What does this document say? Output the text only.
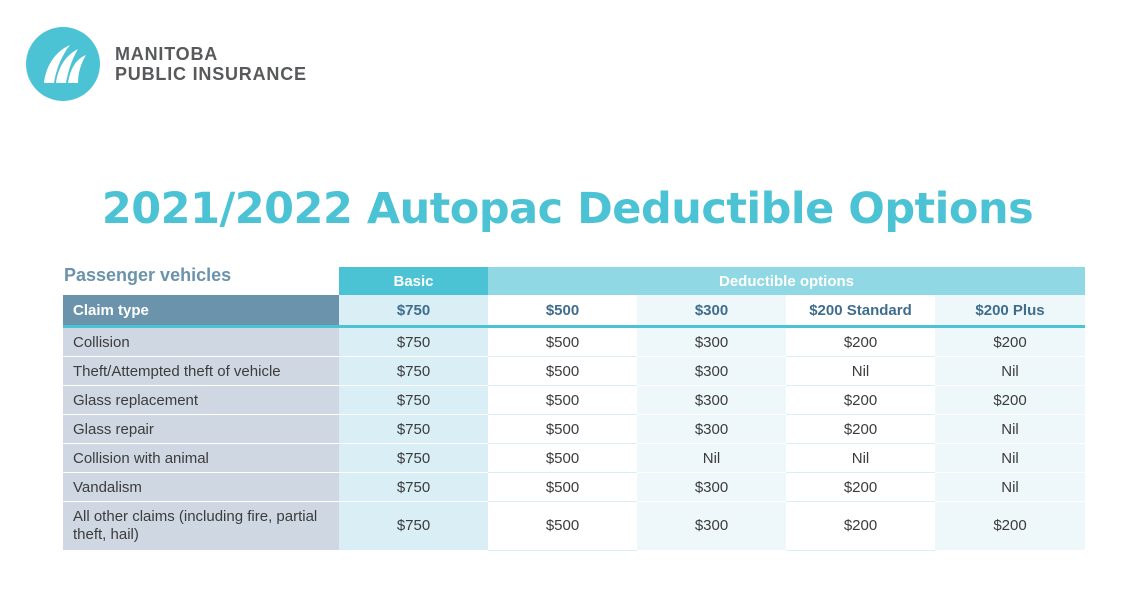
MANITOBA
PUBLIC INSURANCE
2021/2022 Autopac Deductible Options
Passenger vehicles
		Basic	Deductible options			
Claim type	$750	$500	$300	$200 Standard	$200 Plus
Collision	$750	$500	$300	$200	$200
Theft/Attempted theft of vehicle	$750	$500	$300	Nil	Nil
Glass replacement	$750	$500	$300	$200	$200
Glass repair	$750	$500	$300	$200	Nil
Collision with animal	$750	$500	Nil	Nil	Nil
Vandalism	$750	$500	$300	$200	Nil
All other claims (including fire, partial theft, hail)	$750	$500	$300	$200	$200
